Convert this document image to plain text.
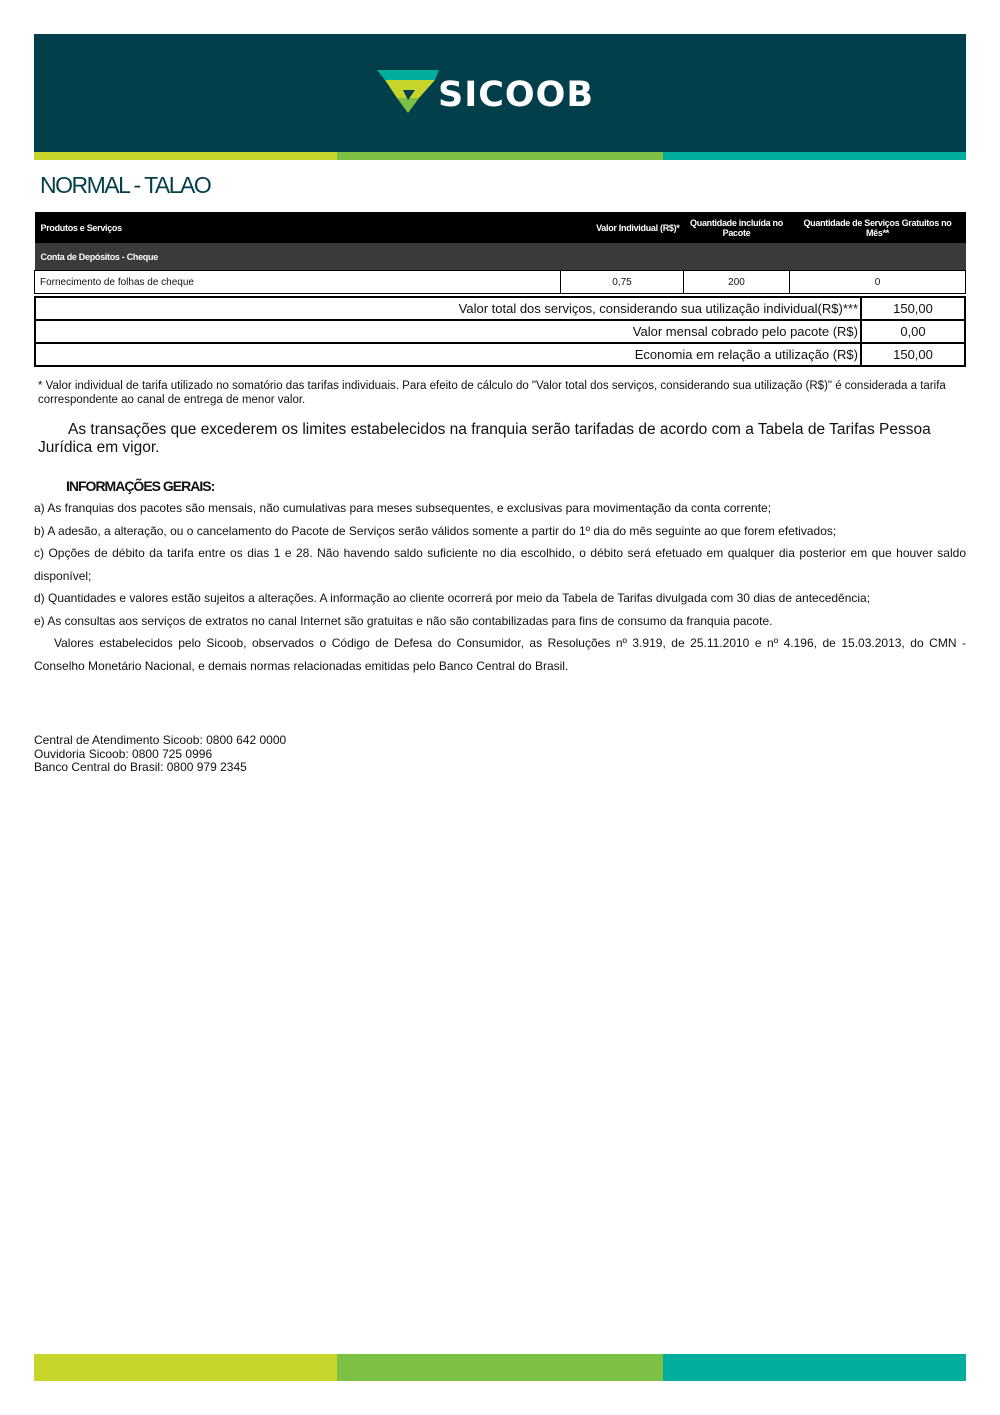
SICOOB
NORMAL - TALAO
Produtos e Serviços	Valor Individual (R$)*	Quantidade incluída no Pacote	Quantidade de Serviços Gratuitos no Mês**
Conta de Depósitos - Cheque			
Fornecimento de folhas de cheque	0,75	200	0
Valor total dos serviços, considerando sua utilização individual(R$)***	150,00
Valor mensal cobrado pelo pacote (R$)	0,00
Economia em relação a utilização (R$)	150,00
* Valor individual de tarifa utilizado no somatório das tarifas individuais. Para efeito de cálculo do "Valor total dos serviços, considerando sua utilização (R$)" é considerada a tarifa correspondente ao canal de entrega de menor valor.
As transações que excederem os limites estabelecidos na franquia serão tarifadas de acordo com a Tabela de Tarifas Pessoa Jurídica em vigor.
INFORMAÇÕES GERAIS:

a) As franquias dos pacotes são mensais, não cumulativas para meses subsequentes, e exclusivas para movimentação da conta corrente;

b) A adesão, a alteração, ou o cancelamento do Pacote de Serviços serão válidos somente a partir do 1º dia do mês seguinte ao que forem efetivados;

c) Opções de débito da tarifa entre os dias 1 e 28. Não havendo saldo suficiente no dia escolhido, o débito será efetuado em qualquer dia posterior em que houver saldo disponível;

d) Quantidades e valores estão sujeitos a alterações. A informação ao cliente ocorrerá por meio da Tabela de Tarifas divulgada com 30 dias de antecedência;

e) As consultas aos serviços de extratos no canal Internet são gratuitas e não são contabilizadas para fins de consumo da franquia pacote.

Valores estabelecidos pelo Sicoob, observados o Código de Defesa do Consumidor, as Resoluções nº 3.919, de 25.11.2010 e nº 4.196, de 15.03.2013, do CMN - Conselho Monetário Nacional, e demais normas relacionadas emitidas pelo Banco Central do Brasil.

Central de Atendimento Sicoob: 0800 642 0000
Ouvidoria Sicoob: 0800 725 0996
Banco Central do Brasil: 0800 979 2345
